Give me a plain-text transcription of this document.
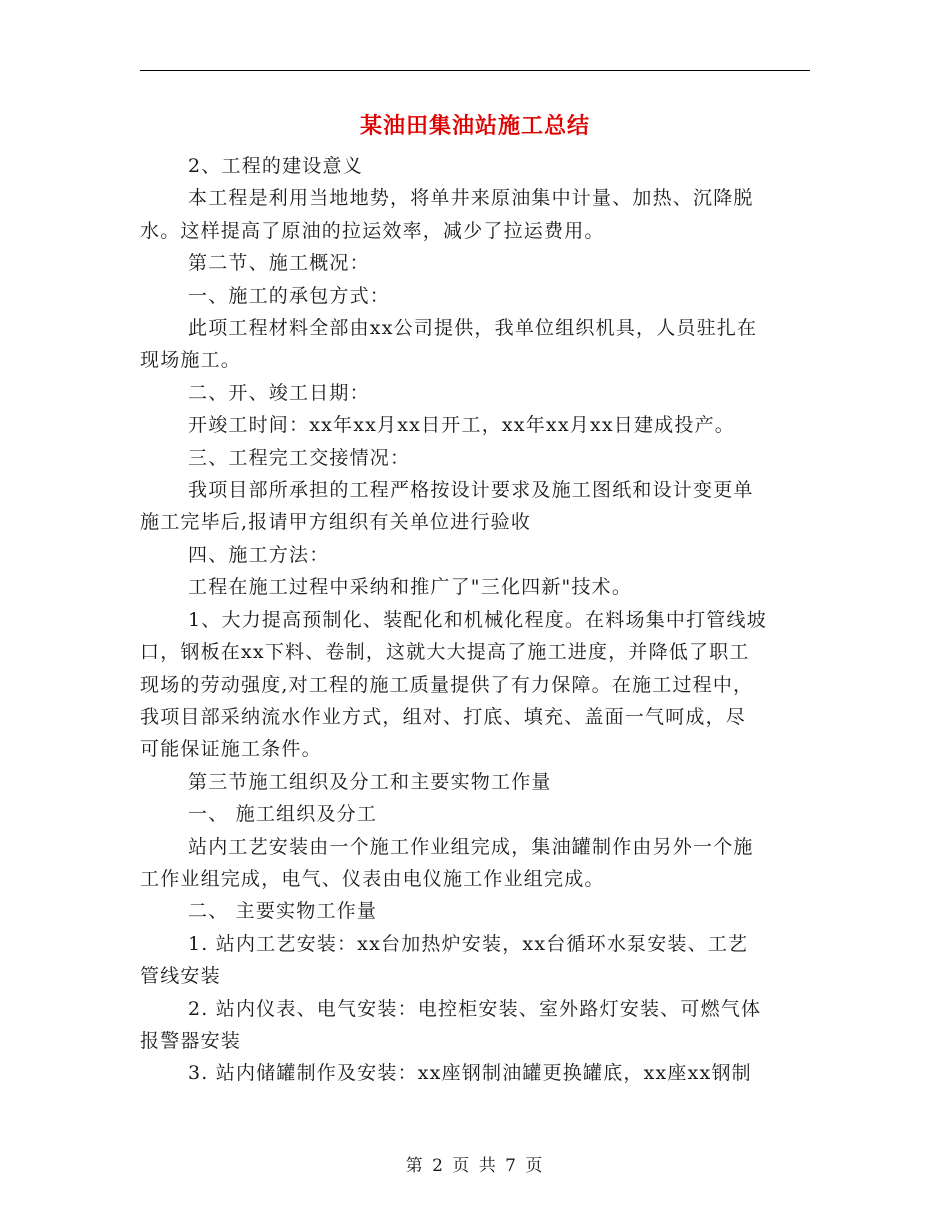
某油田集油站施工总结

2、工程的建设意义

本工程是利用当地地势，将单井来原油集中计量、加热、沉降脱

水。这样提高了原油的拉运效率，减少了拉运费用。

第二节、施工概况：

一、施工的承包方式：

此项工程材料全部由xx公司提供，我单位组织机具，人员驻扎在

现场施工。

二、开、竣工日期：

开竣工时间：xx年xx月xx日开工，xx年xx月xx日建成投产。

三、工程完工交接情况：

我项目部所承担的工程严格按设计要求及施工图纸和设计变更单

施工完毕后,报请甲方组织有关单位进行验收

四、施工方法：

工程在施工过程中采纳和推广了"三化四新"技术。

1、大力提高预制化、装配化和机械化程度。在料场集中打管线坡

口，钢板在xx下料、卷制，这就大大提高了施工进度，并降低了职工

现场的劳动强度,对工程的施工质量提供了有力保障。在施工过程中，

我项目部采纳流水作业方式，组对、打底、填充、盖面一气呵成，尽

可能保证施工条件。

第三节施工组织及分工和主要实物工作量

一、 施工组织及分工

站内工艺安装由一个施工作业组完成，集油罐制作由另外一个施

工作业组完成，电气、仪表由电仪施工作业组完成。

二、 主要实物工作量

1. 站内工艺安装：xx台加热炉安装，xx台循环水泵安装、工艺

管线安装

2. 站内仪表、电气安装：电控柜安装、室外路灯安装、可燃气体

报警器安装

3. 站内储罐制作及安装：xx座钢制油罐更换罐底，xx座xx钢制

第 2 页 共 7 页
